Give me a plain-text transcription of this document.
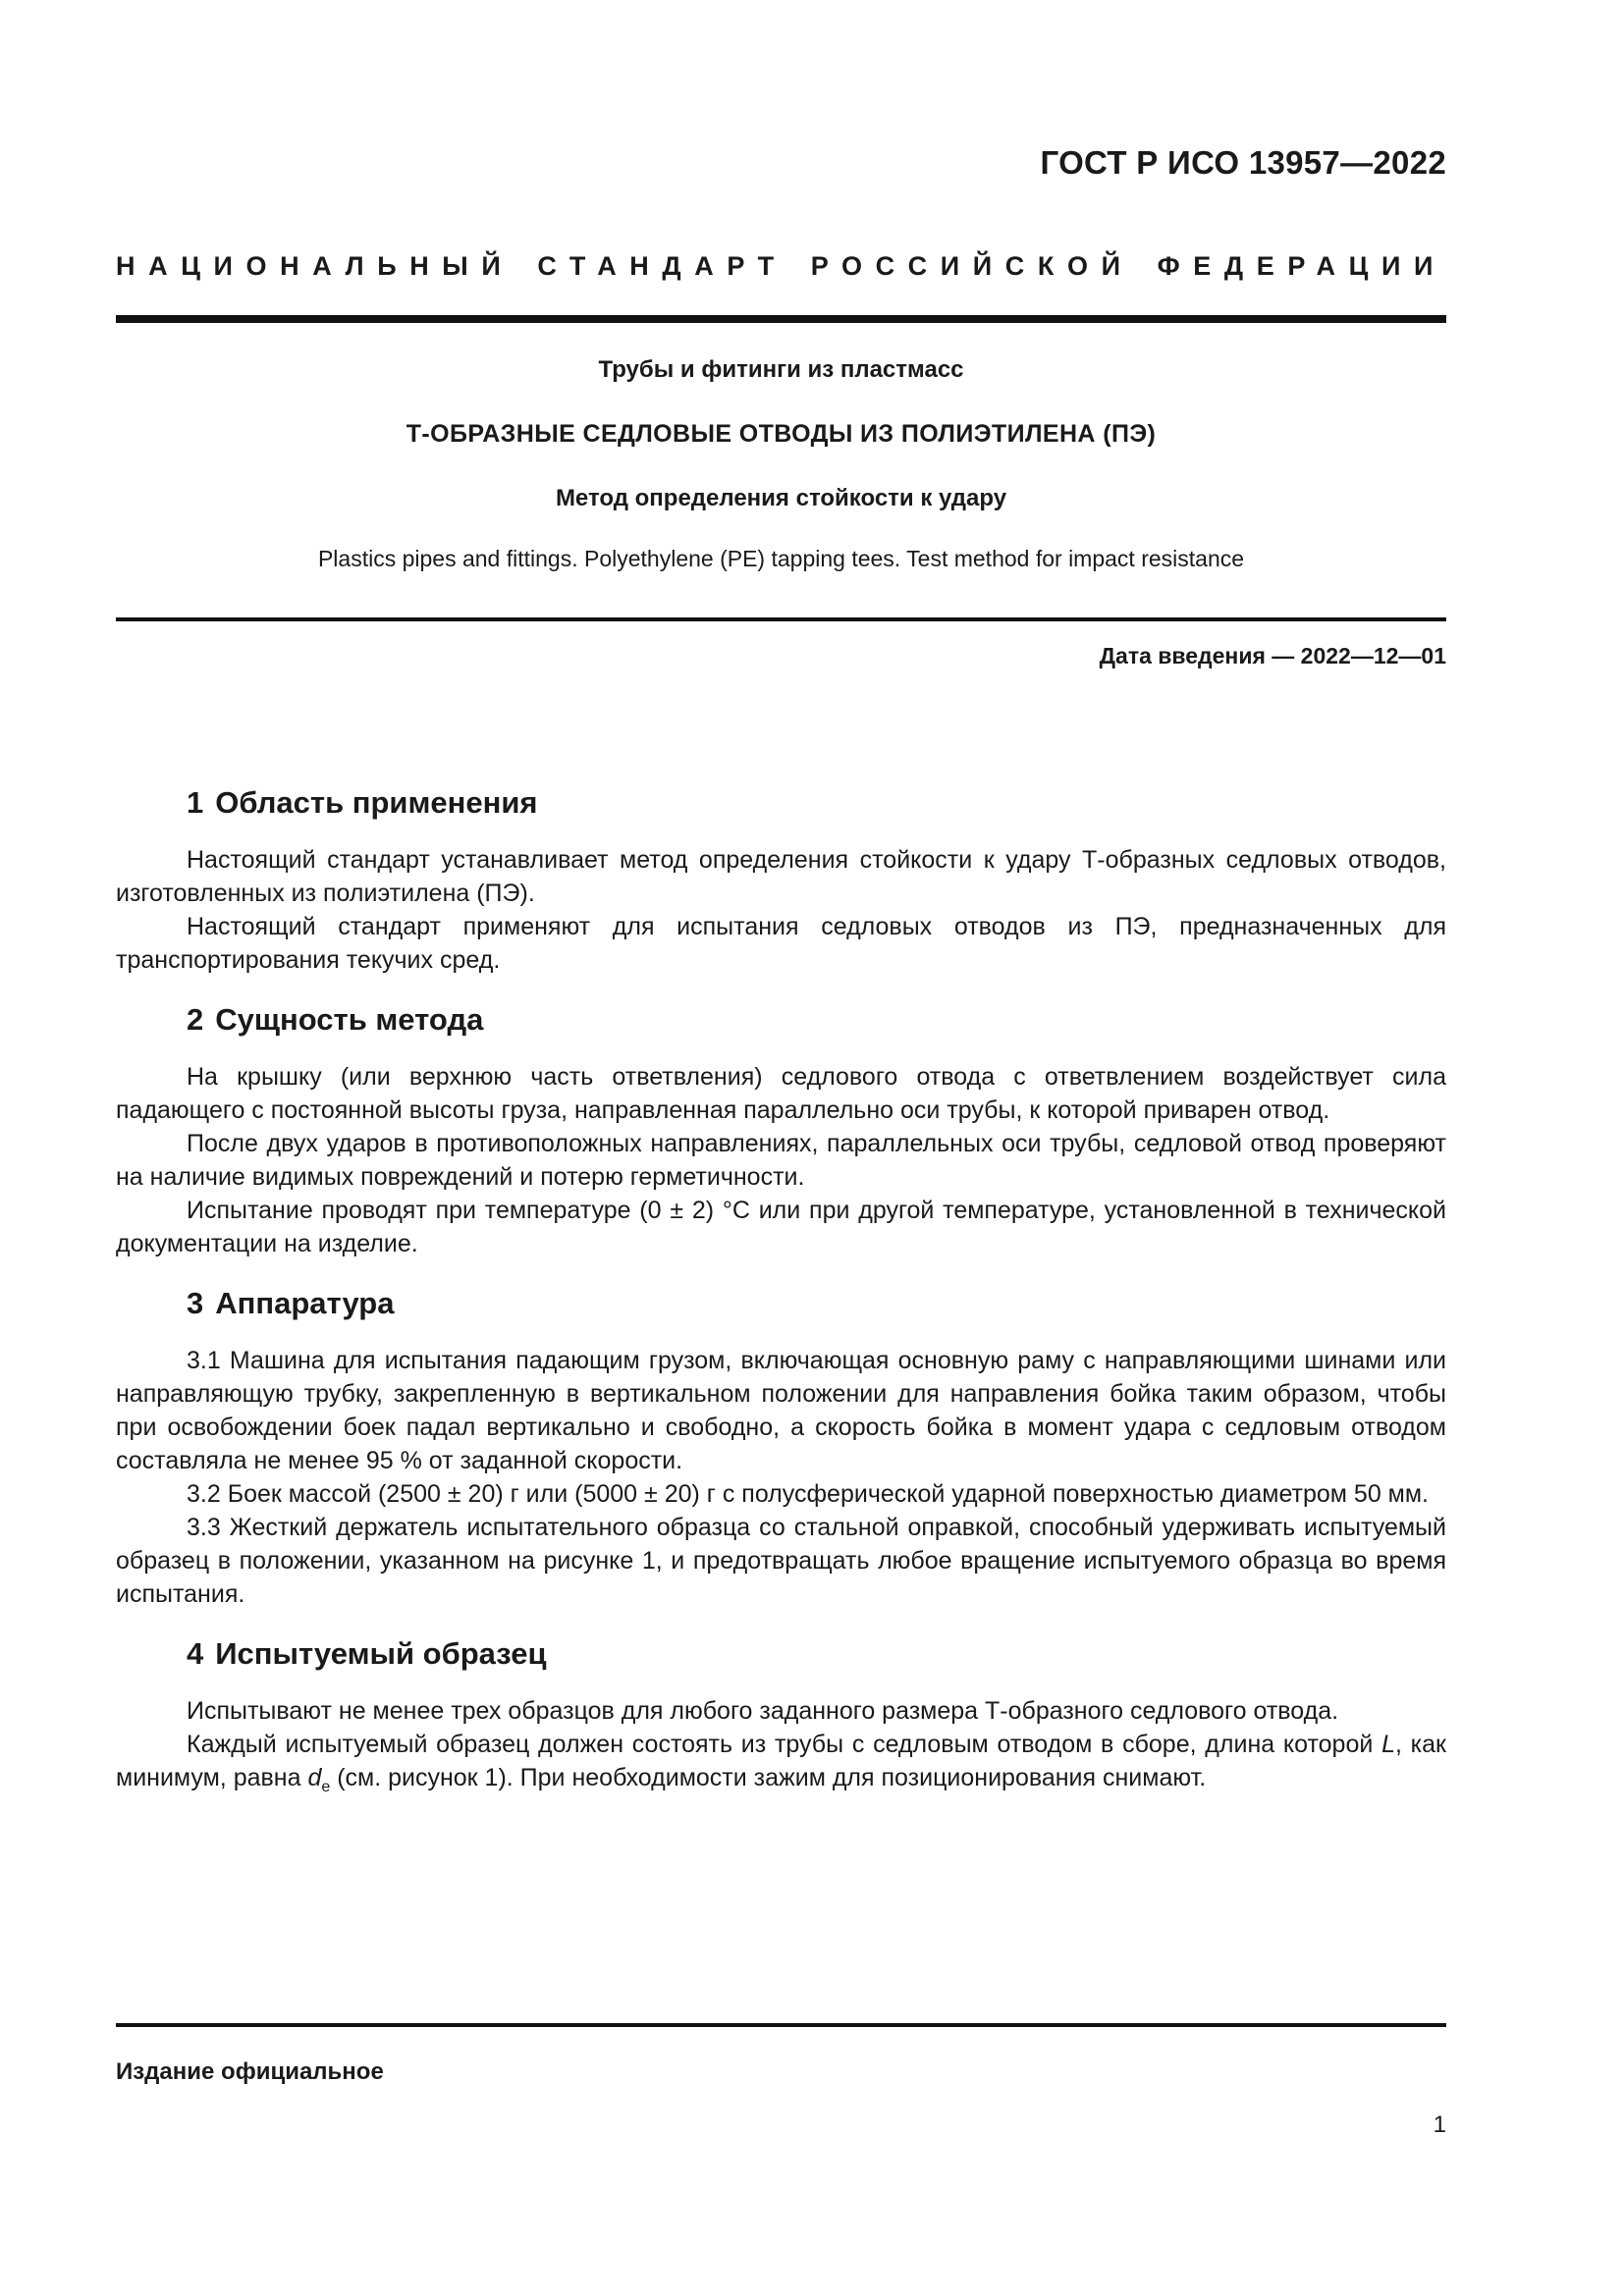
ГОСТ Р ИСО 13957—2022
НАЦИОНАЛЬНЫЙ СТАНДАРТ РОССИЙСКОЙ ФЕДЕРАЦИИ
Трубы и фитинги из пластмасс
Т-ОБРАЗНЫЕ СЕДЛОВЫЕ ОТВОДЫ ИЗ ПОЛИЭТИЛЕНА (ПЭ)
Метод определения стойкости к удару
Plastics pipes and fittings. Polyethylene (PE) tapping tees. Test method for impact resistance
Дата введения — 2022—12—01
1 Область применения

Настоящий стандарт устанавливает метод определения стойкости к удару Т-образных седловых отводов, изготовленных из полиэтилена (ПЭ).

Настоящий стандарт применяют для испытания седловых отводов из ПЭ, предназначенных для транспортирования текучих сред.

2 Сущность метода

На крышку (или верхнюю часть ответвления) седлового отвода с ответвлением воздействует сила падающего с постоянной высоты груза, направленная параллельно оси трубы, к которой приварен отвод.

После двух ударов в противоположных направлениях, параллельных оси трубы, седловой отвод проверяют на наличие видимых повреждений и потерю герметичности.

Испытание проводят при температуре (0 ± 2) °С или при другой температуре, установленной в технической документации на изделие.

3 Аппаратура

3.1 Машина для испытания падающим грузом, включающая основную раму с направляющими шинами или направляющую трубку, закрепленную в вертикальном положении для направления бойка таким образом, чтобы при освобождении боек падал вертикально и свободно, а скорость бойка в момент удара с седловым отводом составляла не менее 95 % от заданной скорости.

3.2 Боек массой (2500 ± 20) г или (5000 ± 20) г с полусферической ударной поверхностью диаметром 50 мм.

3.3 Жесткий держатель испытательного образца со стальной оправкой, способный удерживать испытуемый образец в положении, указанном на рисунке 1, и предотвращать любое вращение испытуемого образца во время испытания.

4 Испытуемый образец

Испытывают не менее трех образцов для любого заданного размера Т-образного седлового отвода.

Каждый испытуемый образец должен состоять из трубы с седловым отводом в сборе, длина которой L, как минимум, равна $d_e$ (см. рисунок 1). При необходимости зажим для позиционирования снимают.

Издание официальное
1
